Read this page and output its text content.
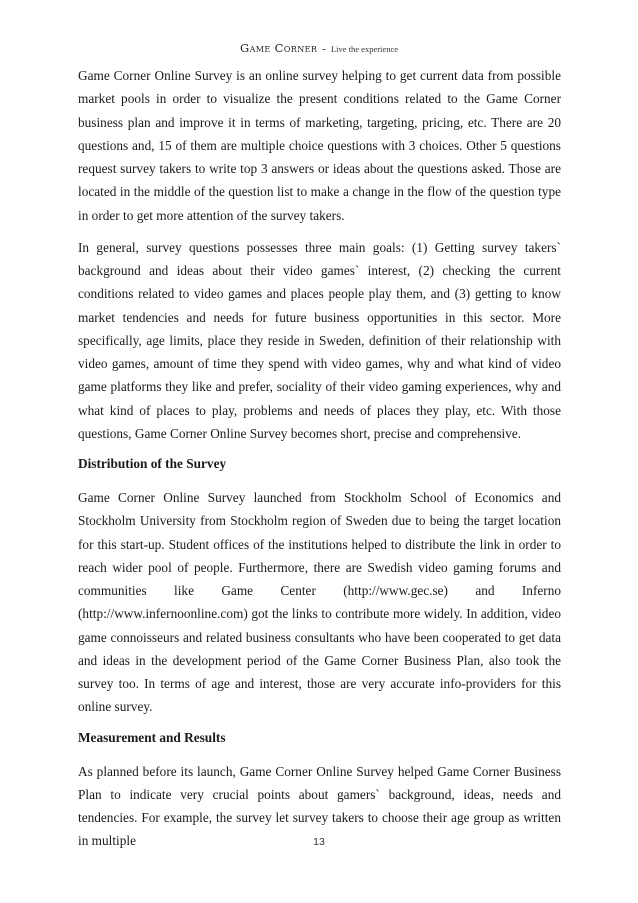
Game Corner - Live the experience

Game Corner Online Survey is an online survey helping to get current data from possible market pools in order to visualize the present conditions related to the Game Corner business plan and improve it in terms of marketing, targeting, pricing, etc. There are 20 questions and, 15 of them are multiple choice questions with 3 choices. Other 5 questions request survey takers to write top 3 answers or ideas about the questions asked. Those are located in the middle of the question list to make a change in the flow of the question type in order to get more attention of the survey takers.

In general, survey questions possesses three main goals: (1) Getting survey takers` background and ideas about their video games` interest, (2) checking the current conditions related to video games and places people play them, and (3) getting to know market tendencies and needs for future business opportunities in this sector. More specifically, age limits, place they reside in Sweden, definition of their relationship with video games, amount of time they spend with video games, why and what kind of video game platforms they like and prefer, sociality of their video gaming experiences, why and what kind of places to play, problems and needs of places they play, etc. With those questions, Game Corner Online Survey becomes short, precise and comprehensive.

Distribution of the Survey

Game Corner Online Survey launched from Stockholm School of Economics and Stockholm University from Stockholm region of Sweden due to being the target location for this start-up. Student offices of the institutions helped to distribute the link in order to reach wider pool of people. Furthermore, there are Swedish video gaming forums and communities like Game Center (http://www.gec.se) and Inferno (http://www.infernoonline.com) got the links to contribute more widely. In addition, video game connoisseurs and related business consultants who have been cooperated to get data and ideas in the development period of the Game Corner Business Plan, also took the survey too. In terms of age and interest, those are very accurate info-providers for this online survey.

Measurement and Results

As planned before its launch, Game Corner Online Survey helped Game Corner Business Plan to indicate very crucial points about gamers` background, ideas, needs and tendencies. For example, the survey let survey takers to choose their age group as written in multiple	13
